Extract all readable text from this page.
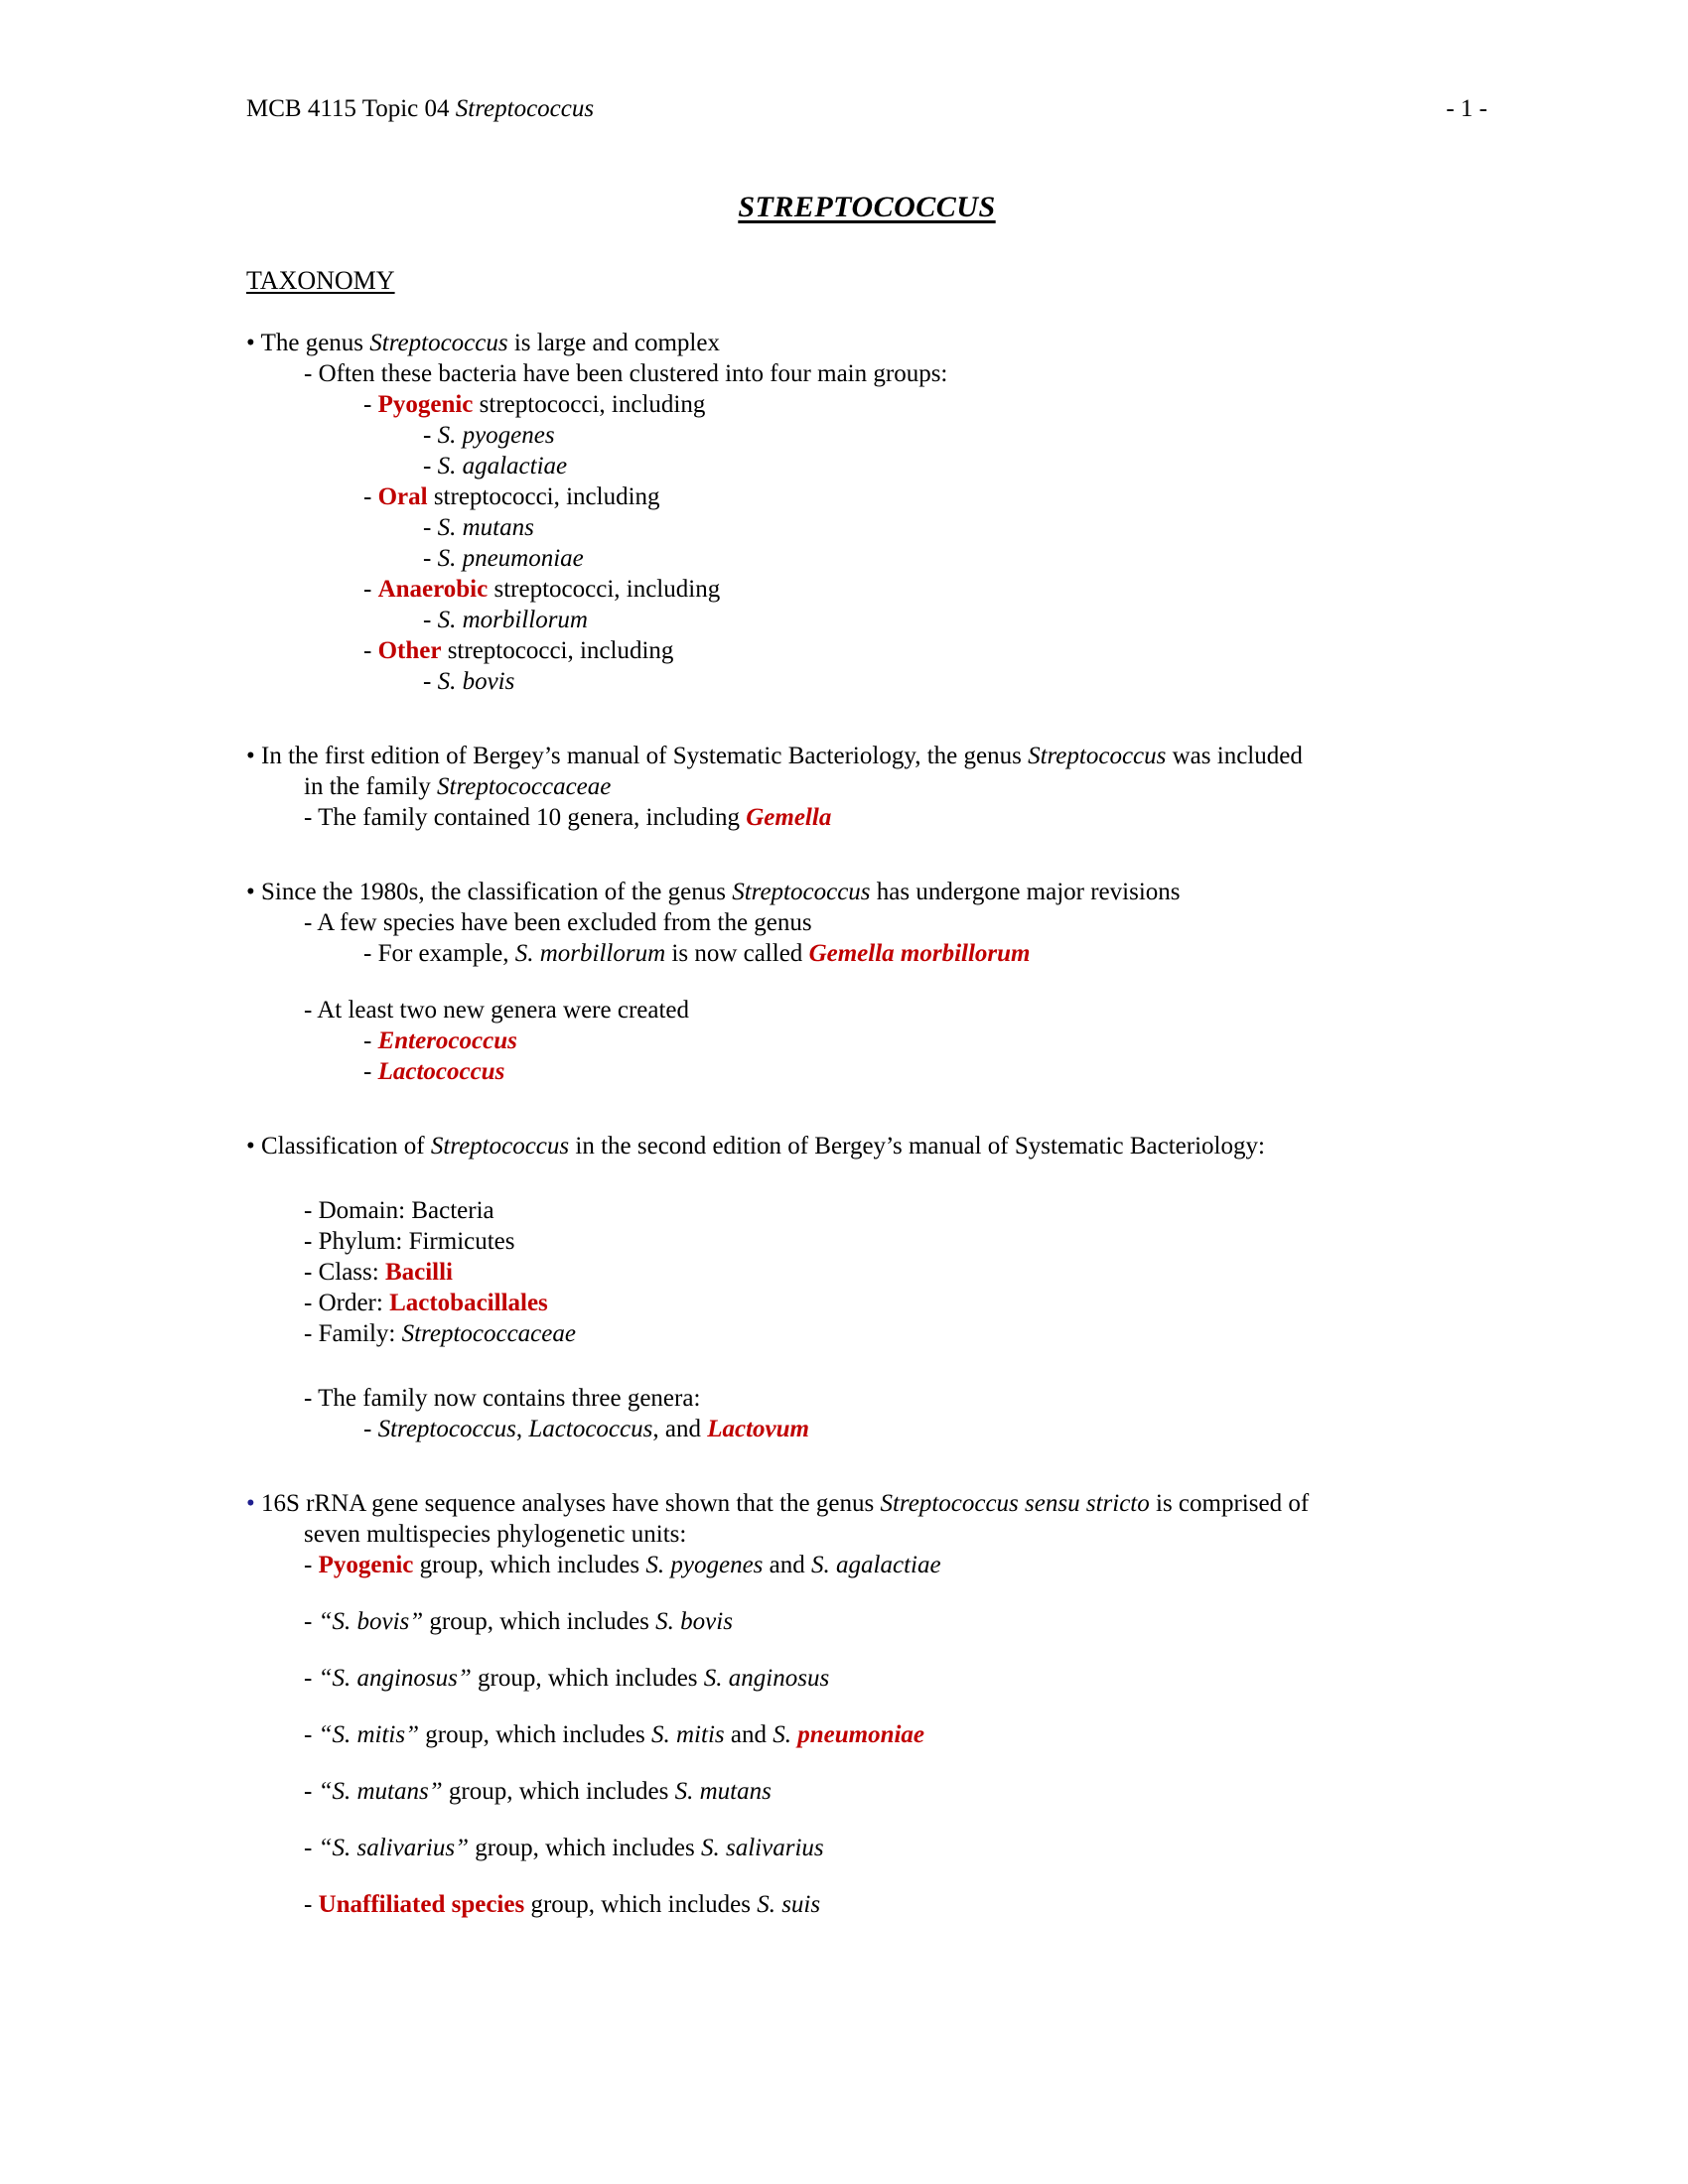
MCB 4115 Topic 04 Streptococcus	- 1 -
STREPTOCOCCUS
TAXONOMY
• The genus Streptococcus is large and complex
- Often these bacteria have been clustered into four main groups:
- Pyogenic streptococci, including
- S. pyogenes
- S. agalactiae
- Oral streptococci, including
- S. mutans
- S. pneumoniae
- Anaerobic streptococci, including
- S. morbillorum
- Other streptococci, including
- S. bovis
• In the first edition of Bergey’s manual of Systematic Bacteriology, the genus Streptococcus was included
in the family Streptococcaceae
- The family contained 10 genera, including Gemella
• Since the 1980s, the classification of the genus Streptococcus has undergone major revisions
- A few species have been excluded from the genus
- For example, S. morbillorum is now called Gemella morbillorum
- At least two new genera were created
- Enterococcus
- Lactococcus
• Classification of Streptococcus in the second edition of Bergey’s manual of Systematic Bacteriology:
- Domain: Bacteria
- Phylum: Firmicutes
- Class: Bacilli
- Order: Lactobacillales
- Family: Streptococcaceae
- The family now contains three genera:
- Streptococcus, Lactococcus, and Lactovum
• 16S rRNA gene sequence analyses have shown that the genus Streptococcus sensu stricto is comprised of
seven multispecies phylogenetic units:
- Pyogenic group, which includes S. pyogenes and S. agalactiae
- “S. bovis” group, which includes S. bovis
- “S. anginosus” group, which includes S. anginosus
- “S. mitis” group, which includes S. mitis and S. pneumoniae
- “S. mutans” group, which includes S. mutans
- “S. salivarius” group, which includes S. salivarius
- Unaffiliated species group, which includes S. suis
